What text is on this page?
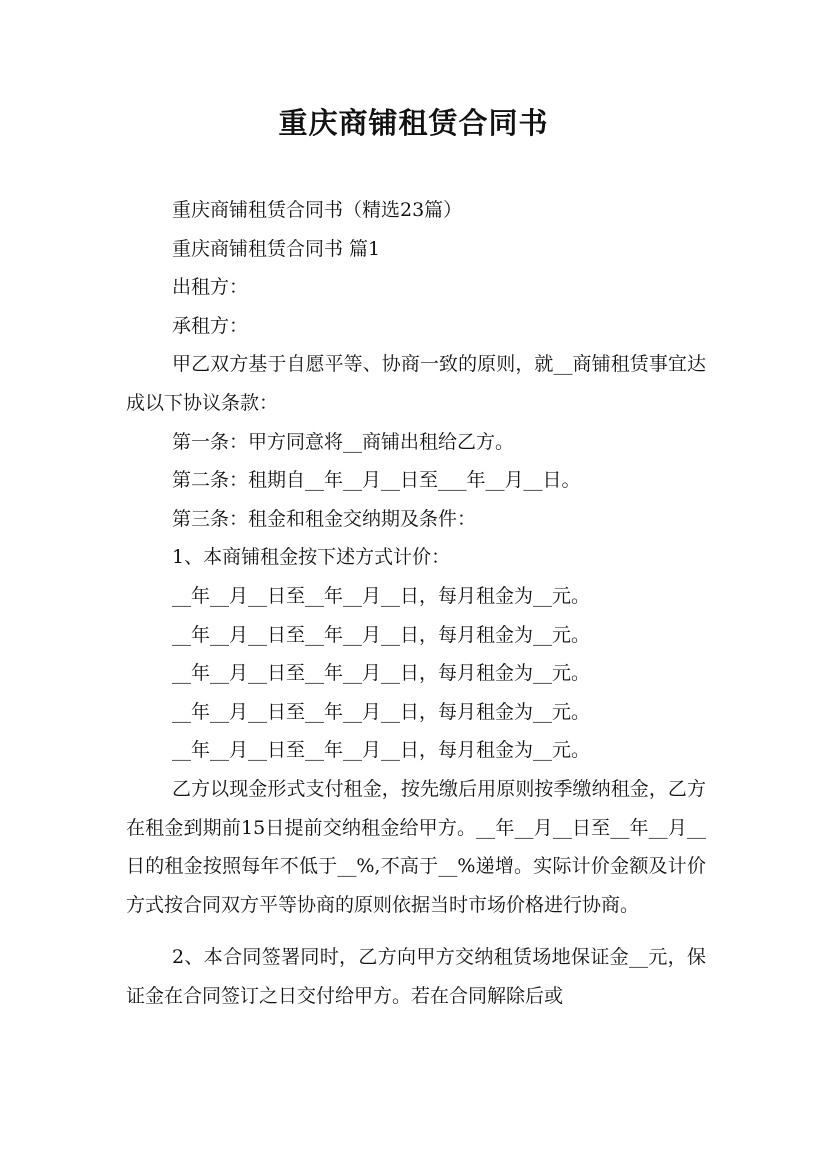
重庆商铺租赁合同书

重庆商铺租赁合同书（精选23篇）

重庆商铺租赁合同书 篇1

出租方：

承租方：

甲乙双方基于自愿平等、协商一致的原则，就__商铺租赁事宜达成以下协议条款：

第一条：甲方同意将__商铺出租给乙方。

第二条：租期自__年__月__日至___年__月__日。

第三条：租金和租金交纳期及条件：

1、本商铺租金按下述方式计价：

__年__月__日至__年__月__日，每月租金为__元。

__年__月__日至__年__月__日，每月租金为__元。

__年__月__日至__年__月__日，每月租金为__元。

__年__月__日至__年__月__日，每月租金为__元。

__年__月__日至__年__月__日，每月租金为__元。

乙方以现金形式支付租金，按先缴后用原则按季缴纳租金，乙方在租金到期前15日提前交纳租金给甲方。__年__月__日至__年__月__日的租金按照每年不低于__%,不高于__%递增。实际计价金额及计价方式按合同双方平等协商的原则依据当时市场价格进行协商。

2、本合同签署同时，乙方向甲方交纳租赁场地保证金__元，保证金在合同签订之日交付给甲方。若在合同解除后或
